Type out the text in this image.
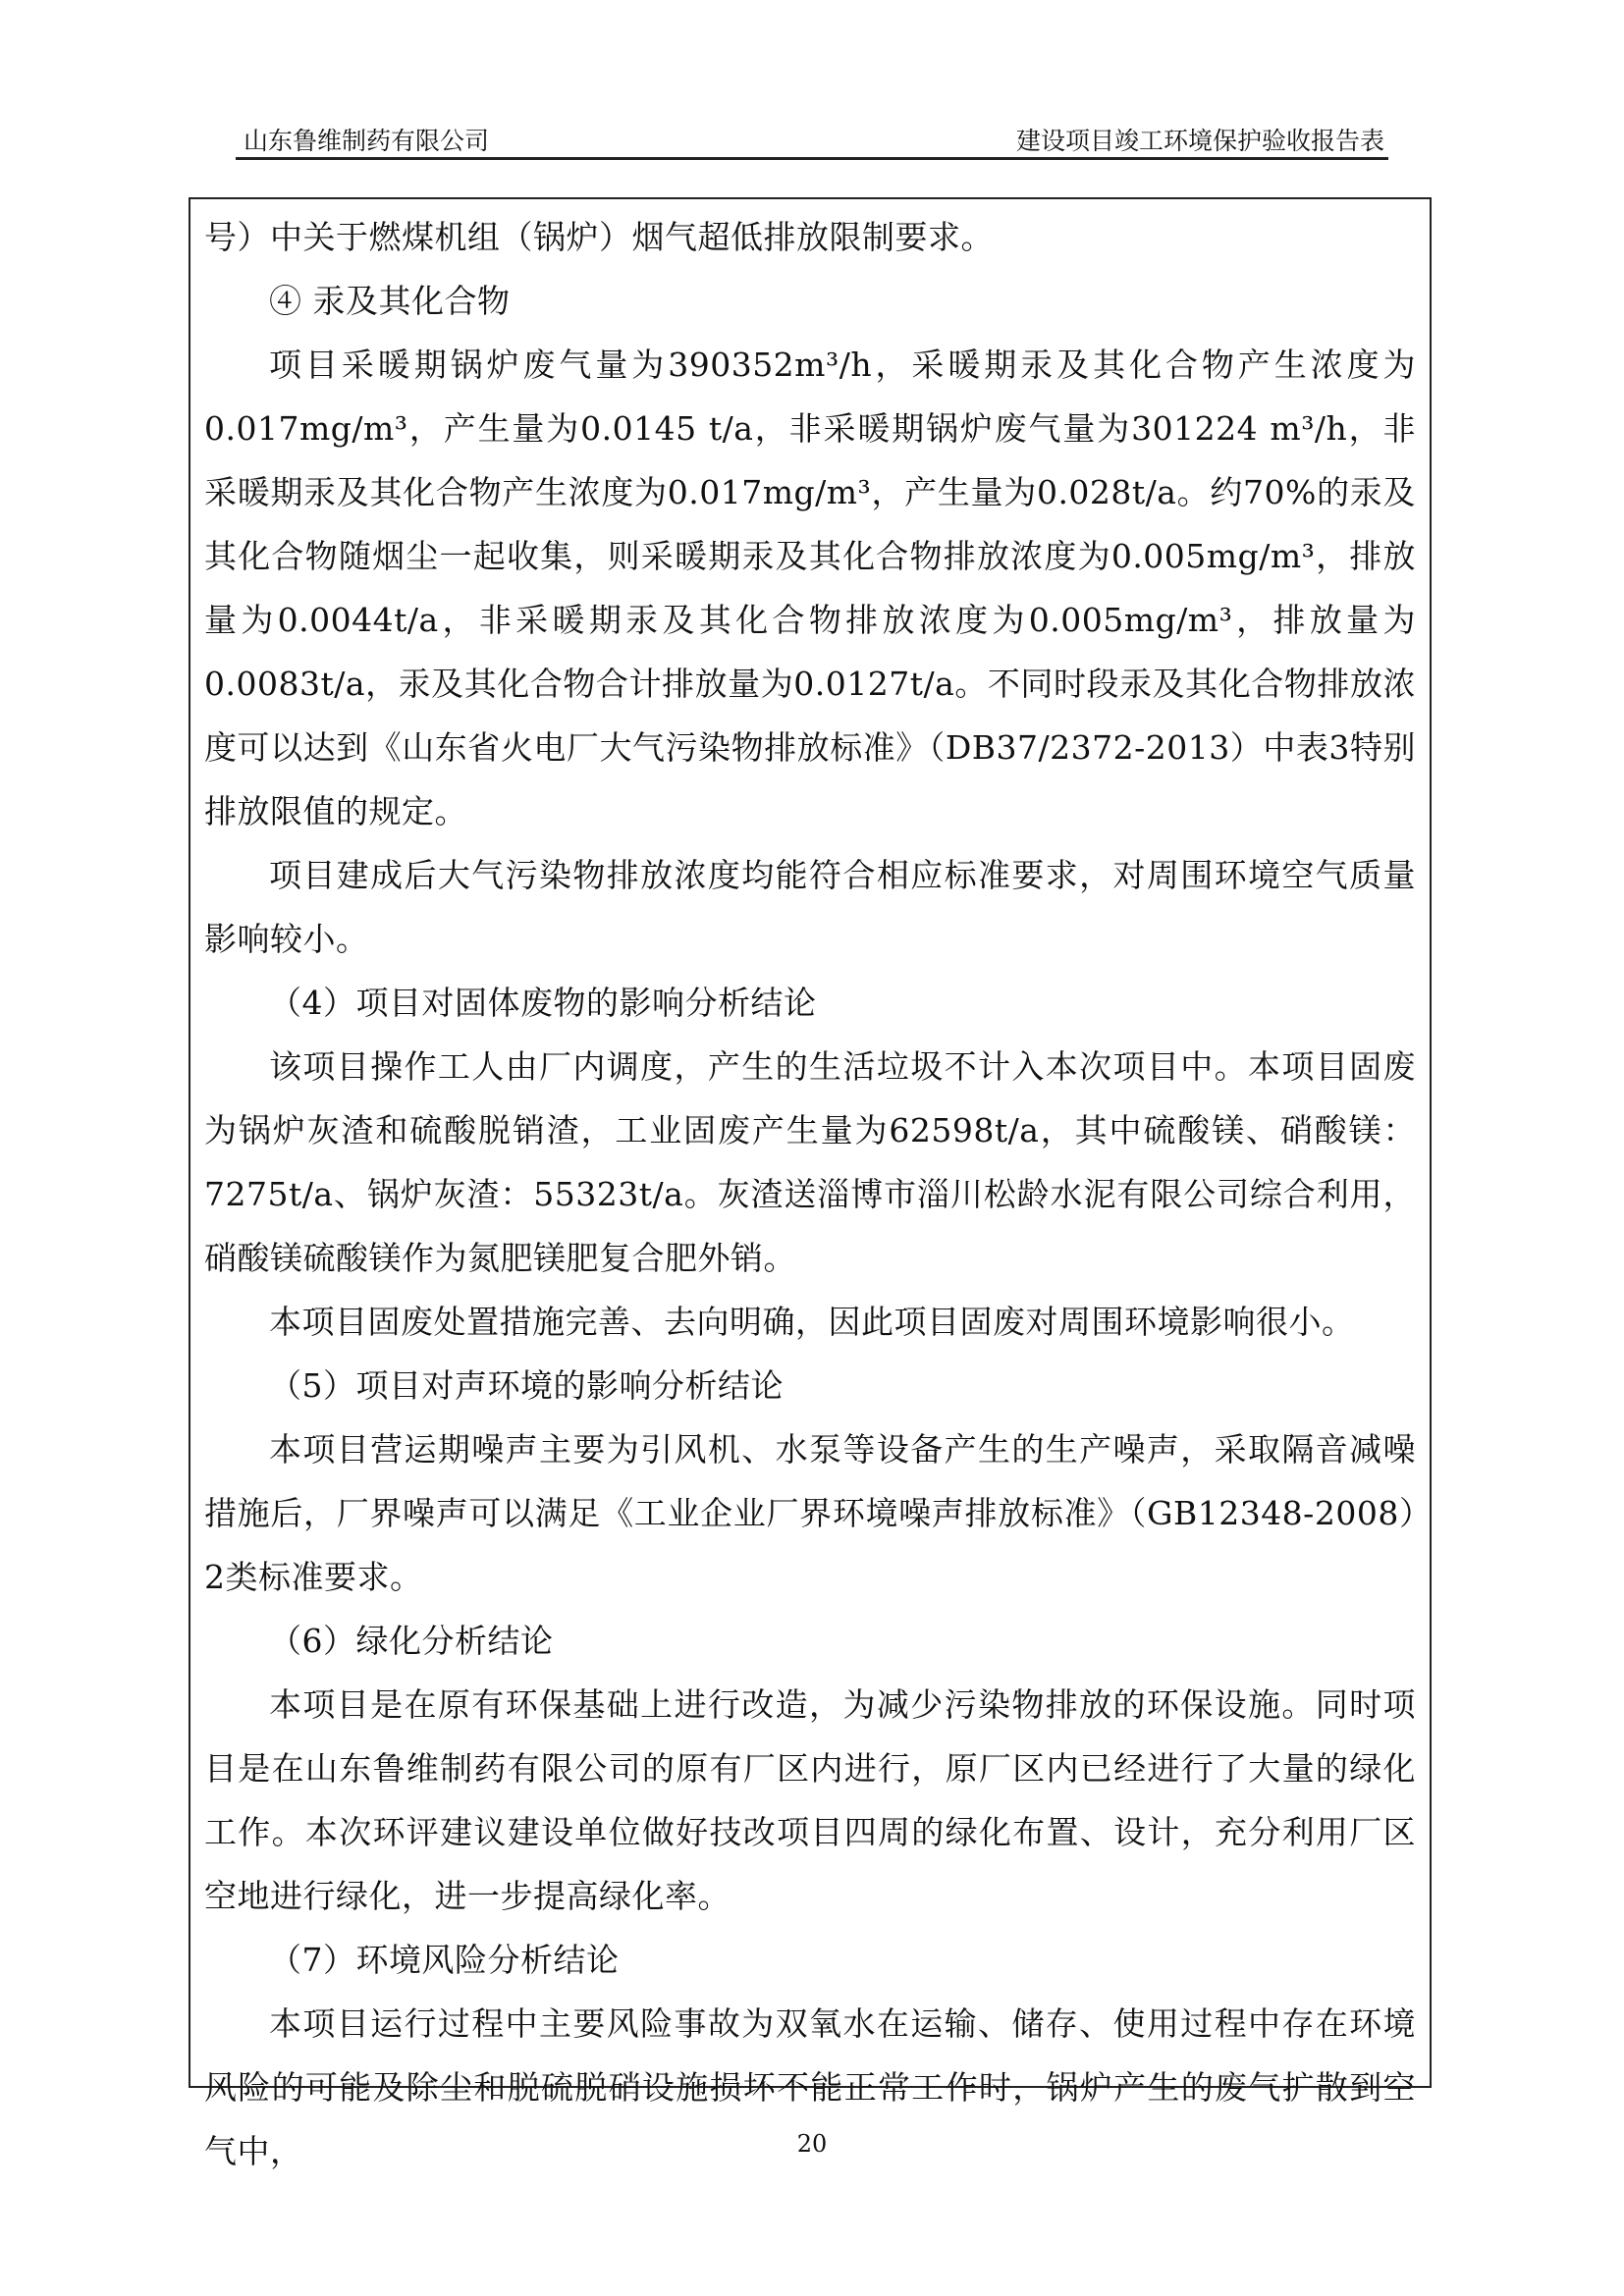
山东鲁维制药有限公司	建设项目竣工环境保护验收报告表

号）中关于燃煤机组（锅炉）烟气超低排放限制要求。

④ 汞及其化合物

项目采暖期锅炉废气量为390352m³/h，采暖期汞及其化合物产生浓度为0.017mg/m³，产生量为0.0145 t/a，非采暖期锅炉废气量为301224 m³/h，非采暖期汞及其化合物产生浓度为0.017mg/m³，产生量为0.028t/a。约70%的汞及其化合物随烟尘一起收集，则采暖期汞及其化合物排放浓度为0.005mg/m³，排放量为0.0044t/a，非采暖期汞及其化合物排放浓度为0.005mg/m³，排放量为0.0083t/a，汞及其化合物合计排放量为0.0127t/a。不同时段汞及其化合物排放浓度可以达到《山东省火电厂大气污染物排放标准》（DB37/2372-2013）中表3特别排放限值的规定。

项目建成后大气污染物排放浓度均能符合相应标准要求，对周围环境空气质量影响较小。

（4）项目对固体废物的影响分析结论

该项目操作工人由厂内调度，产生的生活垃圾不计入本次项目中。本项目固废为锅炉灰渣和硫酸脱销渣，工业固废产生量为62598t/a，其中硫酸镁、硝酸镁：7275t/a、锅炉灰渣：55323t/a。灰渣送淄博市淄川松龄水泥有限公司综合利用，硝酸镁硫酸镁作为氮肥镁肥复合肥外销。

本项目固废处置措施完善、去向明确，因此项目固废对周围环境影响很小。

（5）项目对声环境的影响分析结论

本项目营运期噪声主要为引风机、水泵等设备产生的生产噪声，采取隔音减噪措施后，厂界噪声可以满足《工业企业厂界环境噪声排放标准》（GB12348-2008）2类标准要求。

（6）绿化分析结论

本项目是在原有环保基础上进行改造，为减少污染物排放的环保设施。同时项目是在山东鲁维制药有限公司的原有厂区内进行，原厂区内已经进行了大量的绿化工作。本次环评建议建设单位做好技改项目四周的绿化布置、设计，充分利用厂区空地进行绿化，进一步提高绿化率。

（7）环境风险分析结论

本项目运行过程中主要风险事故为双氧水在运输、储存、使用过程中存在环境风险的可能及除尘和脱硫脱硝设施损坏不能正常工作时，锅炉产生的废气扩散到空气中，	20
